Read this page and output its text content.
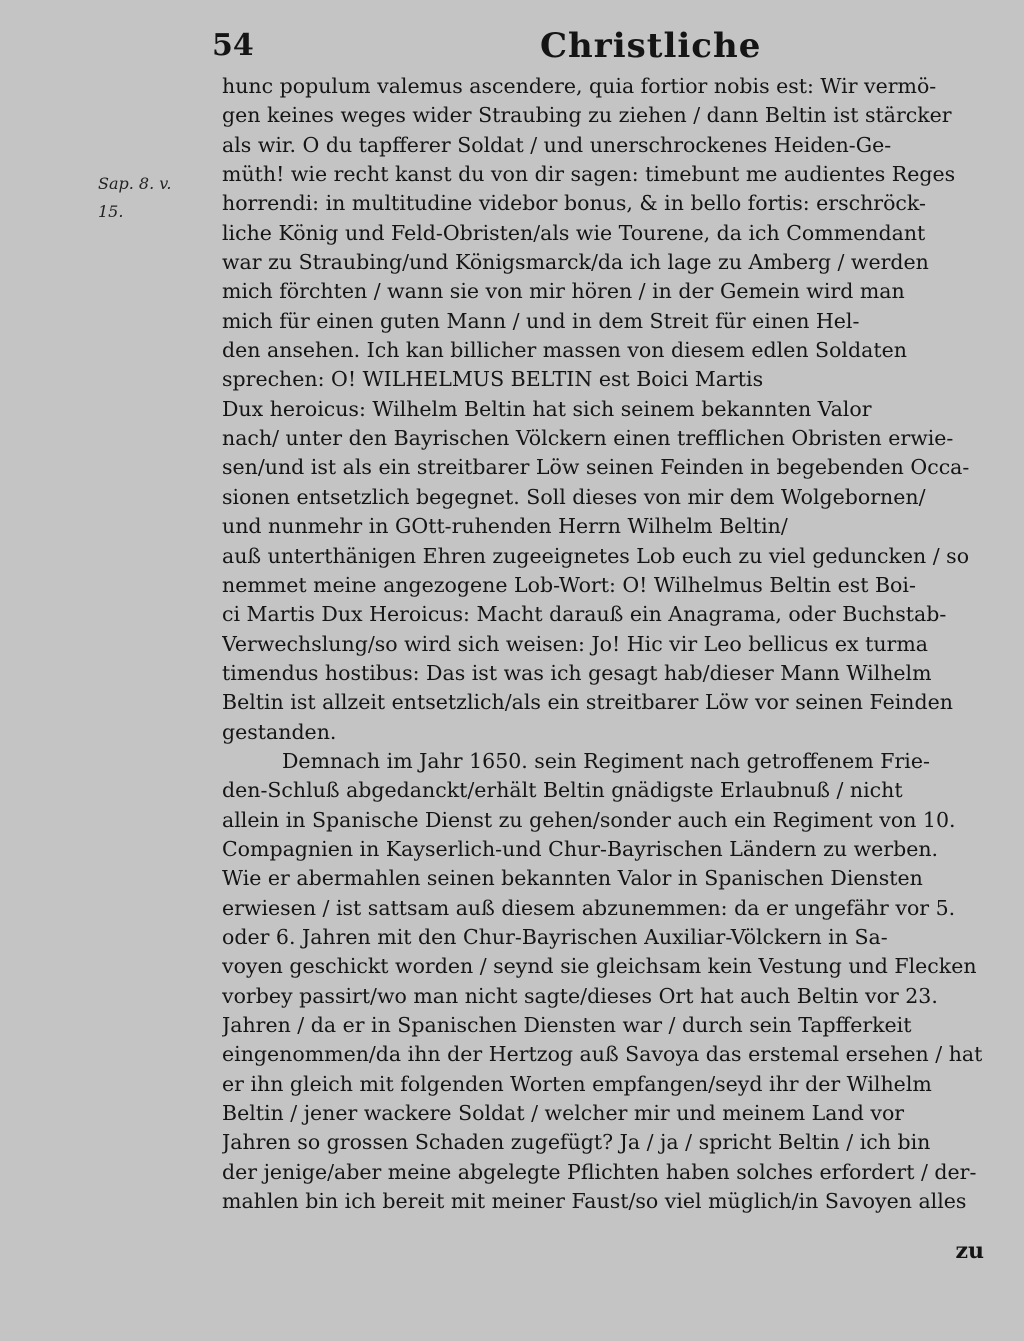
54	Christliche
Sap. 8. v.
15.
hunc populum valemus ascendere, quia fortior nobis est: Wir vermö-
gen keines weges wider Straubing zu ziehen / dann Beltin ist stärcker
als wir. O du tapfferer Soldat / und unerschrockenes Heiden-Ge-
müth! wie recht kanst du von dir sagen: timebunt me audientes Reges
horrendi: in multitudine videbor bonus, & in bello fortis: erschröck-
liche König und Feld-Obristen/als wie Tourene, da ich Commendant
war zu Straubing/und Königsmarck/da ich lage zu Amberg / werden
mich förchten / wann sie von mir hören / in der Gemein wird man
mich für einen guten Mann / und in dem Streit für einen Hel-
den ansehen. Ich kan billicher massen von diesem edlen Soldaten
sprechen: O! WILHELMUS BELTIN est Boici Martis
Dux heroicus: Wilhelm Beltin hat sich seinem bekannten Valor
nach/ unter den Bayrischen Völckern einen trefflichen Obristen erwie-
sen/und ist als ein streitbarer Löw seinen Feinden in begebenden Occa-
sionen entsetzlich begegnet. Soll dieses von mir dem Wolgebornen/
und nunmehr in GOtt-ruhenden Herrn Wilhelm Beltin/
auß unterthänigen Ehren zugeeignetes Lob euch zu viel geduncken / so
nemmet meine angezogene Lob-Wort: O! Wilhelmus Beltin est Boi-
ci Martis Dux Heroicus: Macht darauß ein Anagrama, oder Buchstab-
Verwechslung/so wird sich weisen: Jo! Hic vir Leo bellicus ex turma
timendus hostibus: Das ist was ich gesagt hab/dieser Mann Wilhelm
Beltin ist allzeit entsetzlich/als ein streitbarer Löw vor seinen Feinden
gestanden.
Demnach im Jahr 1650. sein Regiment nach getroffenem Frie-
den-Schluß abgedanckt/erhält Beltin gnädigste Erlaubnuß / nicht
allein in Spanische Dienst zu gehen/sonder auch ein Regiment von 10.
Compagnien in Kayserlich-und Chur-Bayrischen Ländern zu werben.
Wie er abermahlen seinen bekannten Valor in Spanischen Diensten
erwiesen / ist sattsam auß diesem abzunemmen: da er ungefähr vor 5.
oder 6. Jahren mit den Chur-Bayrischen Auxiliar-Völckern in Sa-
voyen geschickt worden / seynd sie gleichsam kein Vestung und Flecken
vorbey passirt/wo man nicht sagte/dieses Ort hat auch Beltin vor 23.
Jahren / da er in Spanischen Diensten war / durch sein Tapfferkeit
eingenommen/da ihn der Hertzog auß Savoya das erstemal ersehen / hat
er ihn gleich mit folgenden Worten empfangen/seyd ihr der Wilhelm
Beltin / jener wackere Soldat / welcher mir und meinem Land vor
Jahren so grossen Schaden zugefügt? Ja / ja / spricht Beltin / ich bin
der jenige/aber meine abgelegte Pflichten haben solches erfordert / der-
mahlen bin ich bereit mit meiner Faust/so viel müglich/in Savoyen alles
zu
